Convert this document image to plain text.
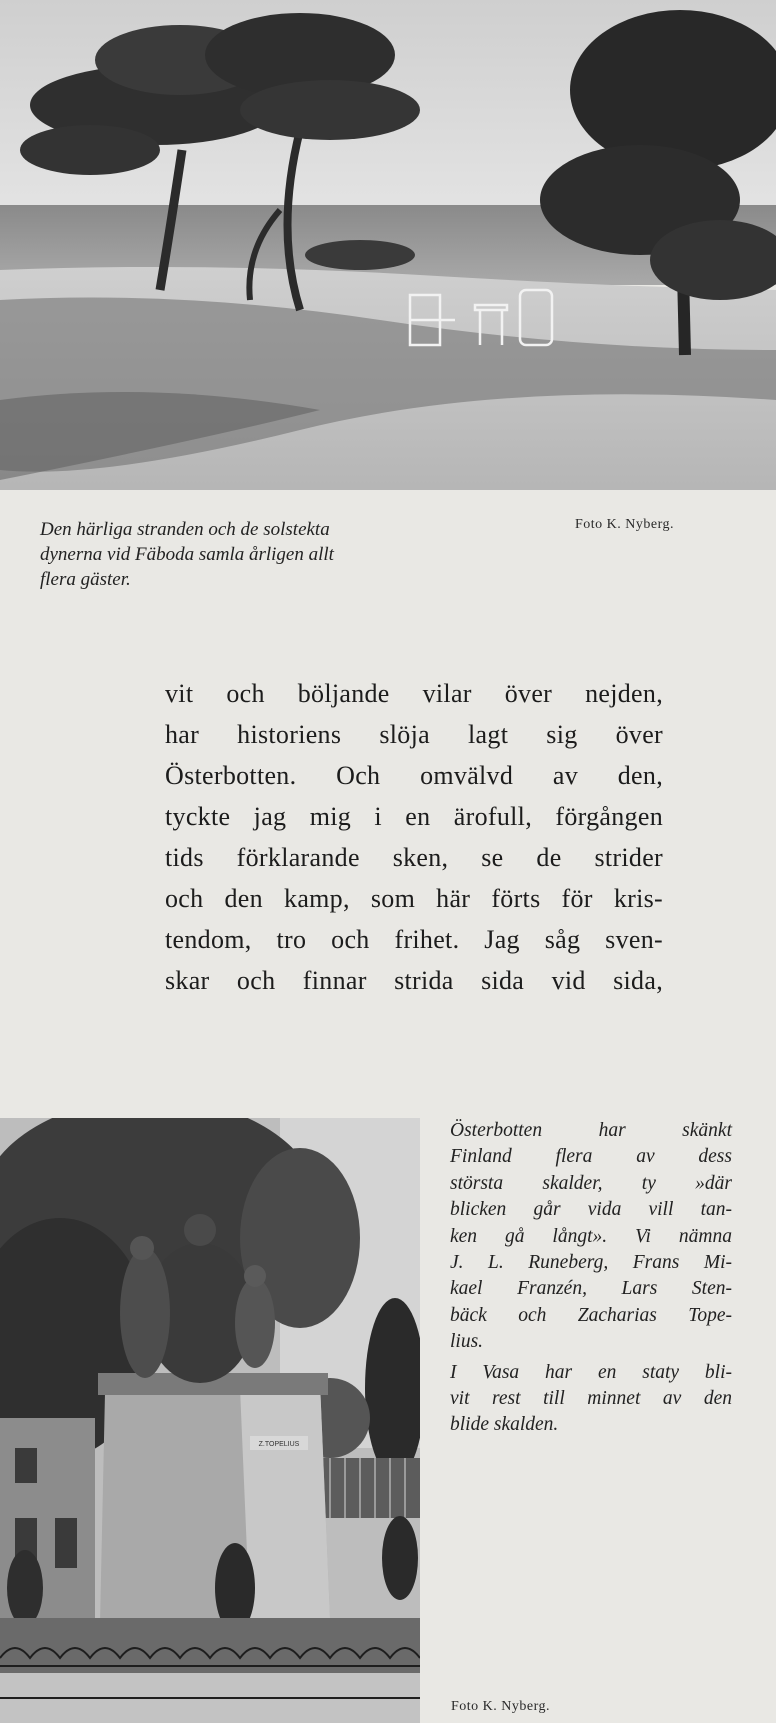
Den härliga stranden och de solstekta
dynerna vid Fäboda samla årligen allt
flera gäster.
Foto K. Nyberg.
vit och böljande vilar över nejden,
har historiens slöja lagt sig över
Österbotten. Och omvälvd av den,
tyckte jag mig i en ärofull, förgången
tids förklarande sken, se de strider
och den kamp, som här förts för kris-
tendom, tro och frihet. Jag såg sven-
skar och finnar strida sida vid sida,
Z.TOPELIUS
Österbotten har skänkt
Finland flera av dess
största skalder, ty »där
blicken går vida vill tan-
ken gå långt». Vi nämna
J. L. Runeberg, Frans Mi-
kael Franzén, Lars Sten-
bäck och Zacharias Tope-
lius.
I Vasa har en staty bli-
vit rest till minnet av den
blide skalden.
Foto K. Nyberg.
